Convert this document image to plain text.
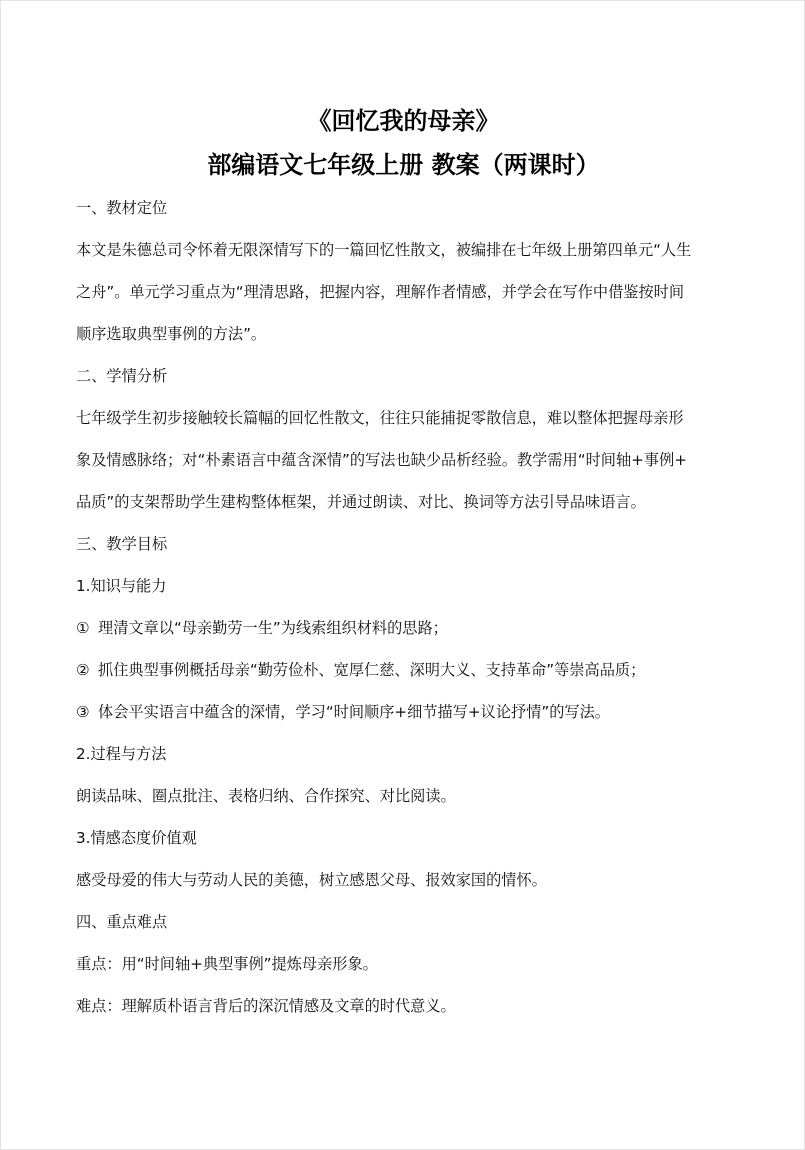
《回忆我的母亲》
部编语文七年级上册 教案（两课时）

一、教材定位

本文是朱德总司令怀着无限深情写下的一篇回忆性散文，被编排在七年级上册第四单元“人生

之舟”。单元学习重点为“理清思路，把握内容，理解作者情感，并学会在写作中借鉴按时间

顺序选取典型事例的方法”。

二、学情分析

七年级学生初步接触较长篇幅的回忆性散文，往往只能捕捉零散信息，难以整体把握母亲形

象及情感脉络；对“朴素语言中蕴含深情”的写法也缺少品析经验。教学需用“时间轴+事例+

品质”的支架帮助学生建构整体框架，并通过朗读、对比、换词等方法引导品味语言。

三、教学目标

1.知识与能力

① 理清文章以“母亲勤劳一生”为线索组织材料的思路；

② 抓住典型事例概括母亲“勤劳俭朴、宽厚仁慈、深明大义、支持革命”等崇高品质；

③ 体会平实语言中蕴含的深情，学习“时间顺序+细节描写+议论抒情”的写法。

2.过程与方法

朗读品味、圈点批注、表格归纳、合作探究、对比阅读。

3.情感态度价值观

感受母爱的伟大与劳动人民的美德，树立感恩父母、报效家国的情怀。

四、重点难点

重点：用“时间轴+典型事例”提炼母亲形象。

难点：理解质朴语言背后的深沉情感及文章的时代意义。
